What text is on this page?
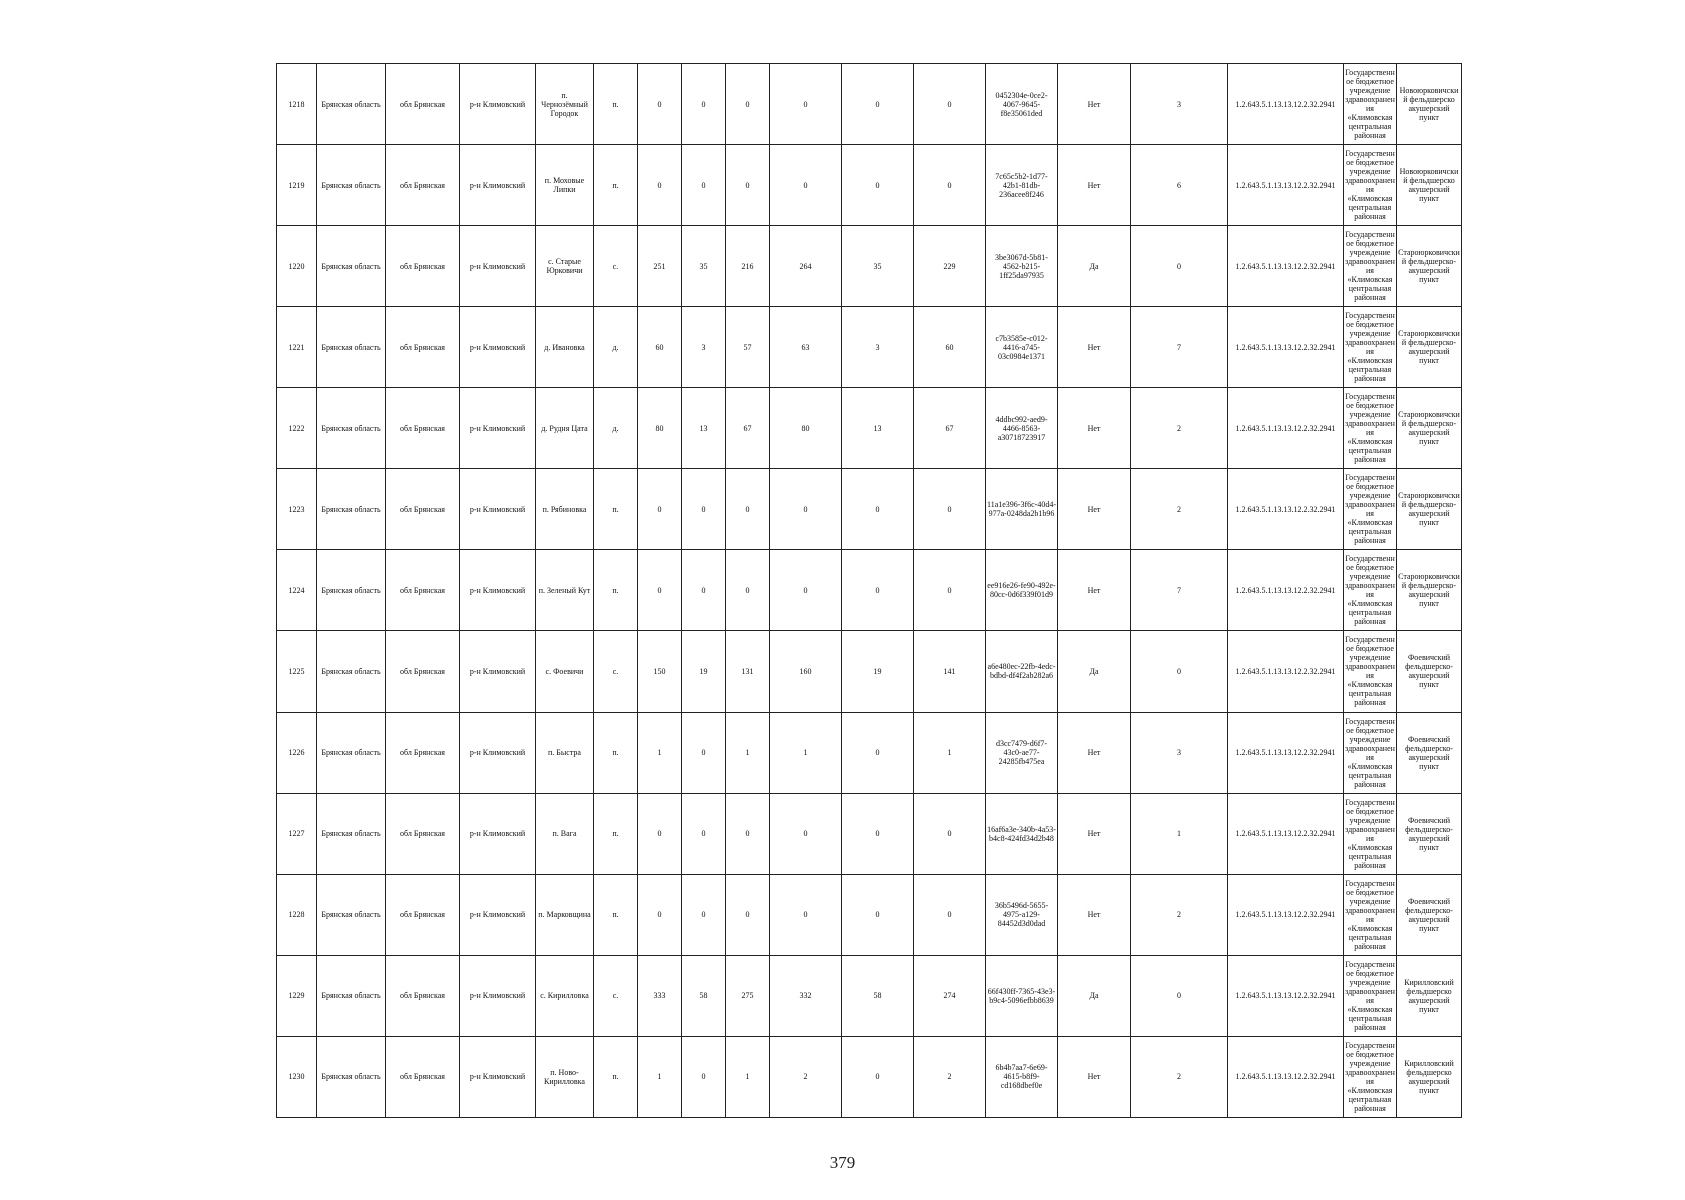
1218	Брянская область	обл Брянская	р-н Климовский	п. Чернозёмный Городок	п.	0	0	0	0	0	0	0452304e-0ce2-4067-9645-f8e35061ded	Нет	3	1.2.643.5.1.13.13.12.2.32.2941	Государственное бюджетное учреждение здравоохранения «Климовская центральная районная	Новоюрковичский фельдшерско акушерский пункт
1219	Брянская область	обл Брянская	р-н Климовский	п. Моховые Липки	п.	0	0	0	0	0	0	7c65c5b2-1d77-42b1-81db-236acee8f246	Нет	6	1.2.643.5.1.13.13.12.2.32.2941	Государственное бюджетное учреждение здравоохранения «Климовская центральная районная	Новоюрковичский фельдшерско акушерский пункт
1220	Брянская область	обл Брянская	р-н Климовский	с. Старые Юрковичи	с.	251	35	216	264	35	229	3be3067d-5b81-4562-b215-1ff25da97935	Да	0	1.2.643.5.1.13.13.12.2.32.2941	Государственное бюджетное учреждение здравоохранения «Климовская центральная районная	Староюрковичский фельдшерско-акушерский пункт
1221	Брянская область	обл Брянская	р-н Климовский	д. Ивановка	д.	60	3	57	63	3	60	c7b3585e-c012-4416-a745-03c0984e1371	Нет	7	1.2.643.5.1.13.13.12.2.32.2941	Государственное бюджетное учреждение здравоохранения «Климовская центральная районная	Староюрковичский фельдшерско-акушерский пункт
1222	Брянская область	обл Брянская	р-н Климовский	д. Рудня Цата	д.	80	13	67	80	13	67	4ddbc992-aed9-4466-8563-a30718723917	Нет	2	1.2.643.5.1.13.13.12.2.32.2941	Государственное бюджетное учреждение здравоохранения «Климовская центральная районная	Староюрковичский фельдшерско-акушерский пункт
1223	Брянская область	обл Брянская	р-н Климовский	п. Рябиновка	п.	0	0	0	0	0	0	11a1e396-3f6c-40d4-977a-0248da2b1b96	Нет	2	1.2.643.5.1.13.13.12.2.32.2941	Государственное бюджетное учреждение здравоохранения «Климовская центральная районная	Староюрковичский фельдшерско-акушерский пункт
1224	Брянская область	обл Брянская	р-н Климовский	п. Зеленый Кут	п.	0	0	0	0	0	0	ee916e26-fe90-492e-80cc-0d6f339f01d9	Нет	7	1.2.643.5.1.13.13.12.2.32.2941	Государственное бюджетное учреждение здравоохранения «Климовская центральная районная	Староюрковичский фельдшерско-акушерский пункт
1225	Брянская область	обл Брянская	р-н Климовский	с. Фоевичи	с.	150	19	131	160	19	141	a6e480ec-22fb-4edc-bdbd-df4f2ab282a6	Да	0	1.2.643.5.1.13.13.12.2.32.2941	Государственное бюджетное учреждение здравоохранения «Климовская центральная районная	Фоевичский фельдшерско-акушерский пункт
1226	Брянская область	обл Брянская	р-н Климовский	п. Быстра	п.	1	0	1	1	0	1	d3cc7479-d6f7-43c0-ae77-24285fb475ea	Нет	3	1.2.643.5.1.13.13.12.2.32.2941	Государственное бюджетное учреждение здравоохранения «Климовская центральная районная	Фоевичский фельдшерско-акушерский пункт
1227	Брянская область	обл Брянская	р-н Климовский	п. Вага	п.	0	0	0	0	0	0	16af6a3e-340b-4a53-b4c8-424fd34d2b48	Нет	1	1.2.643.5.1.13.13.12.2.32.2941	Государственное бюджетное учреждение здравоохранения «Климовская центральная районная	Фоевичский фельдшерско-акушерский пункт
1228	Брянская область	обл Брянская	р-н Климовский	п. Марковщина	п.	0	0	0	0	0	0	36b5496d-5655-4975-a129-84452d3d0dad	Нет	2	1.2.643.5.1.13.13.12.2.32.2941	Государственное бюджетное учреждение здравоохранения «Климовская центральная районная	Фоевичский фельдшерско-акушерский пункт
1229	Брянская область	обл Брянская	р-н Климовский	с. Кирилловка	с.	333	58	275	332	58	274	66f430ff-7365-43e3-b9c4-5096efbb8639	Да	0	1.2.643.5.1.13.13.12.2.32.2941	Государственное бюджетное учреждение здравоохранения «Климовская центральная районная	Кирилловский фельдшерско акушерский пункт
1230	Брянская область	обл Брянская	р-н Климовский	п. Ново-Кирилловка	п.	1	0	1	2	0	2	6b4b7aa7-6e69-4615-b8f9-cd168dbef0e	Нет	2	1.2.643.5.1.13.13.12.2.32.2941	Государственное бюджетное учреждение здравоохранения «Климовская центральная районная	Кирилловский фельдшерско акушерский пункт
379
